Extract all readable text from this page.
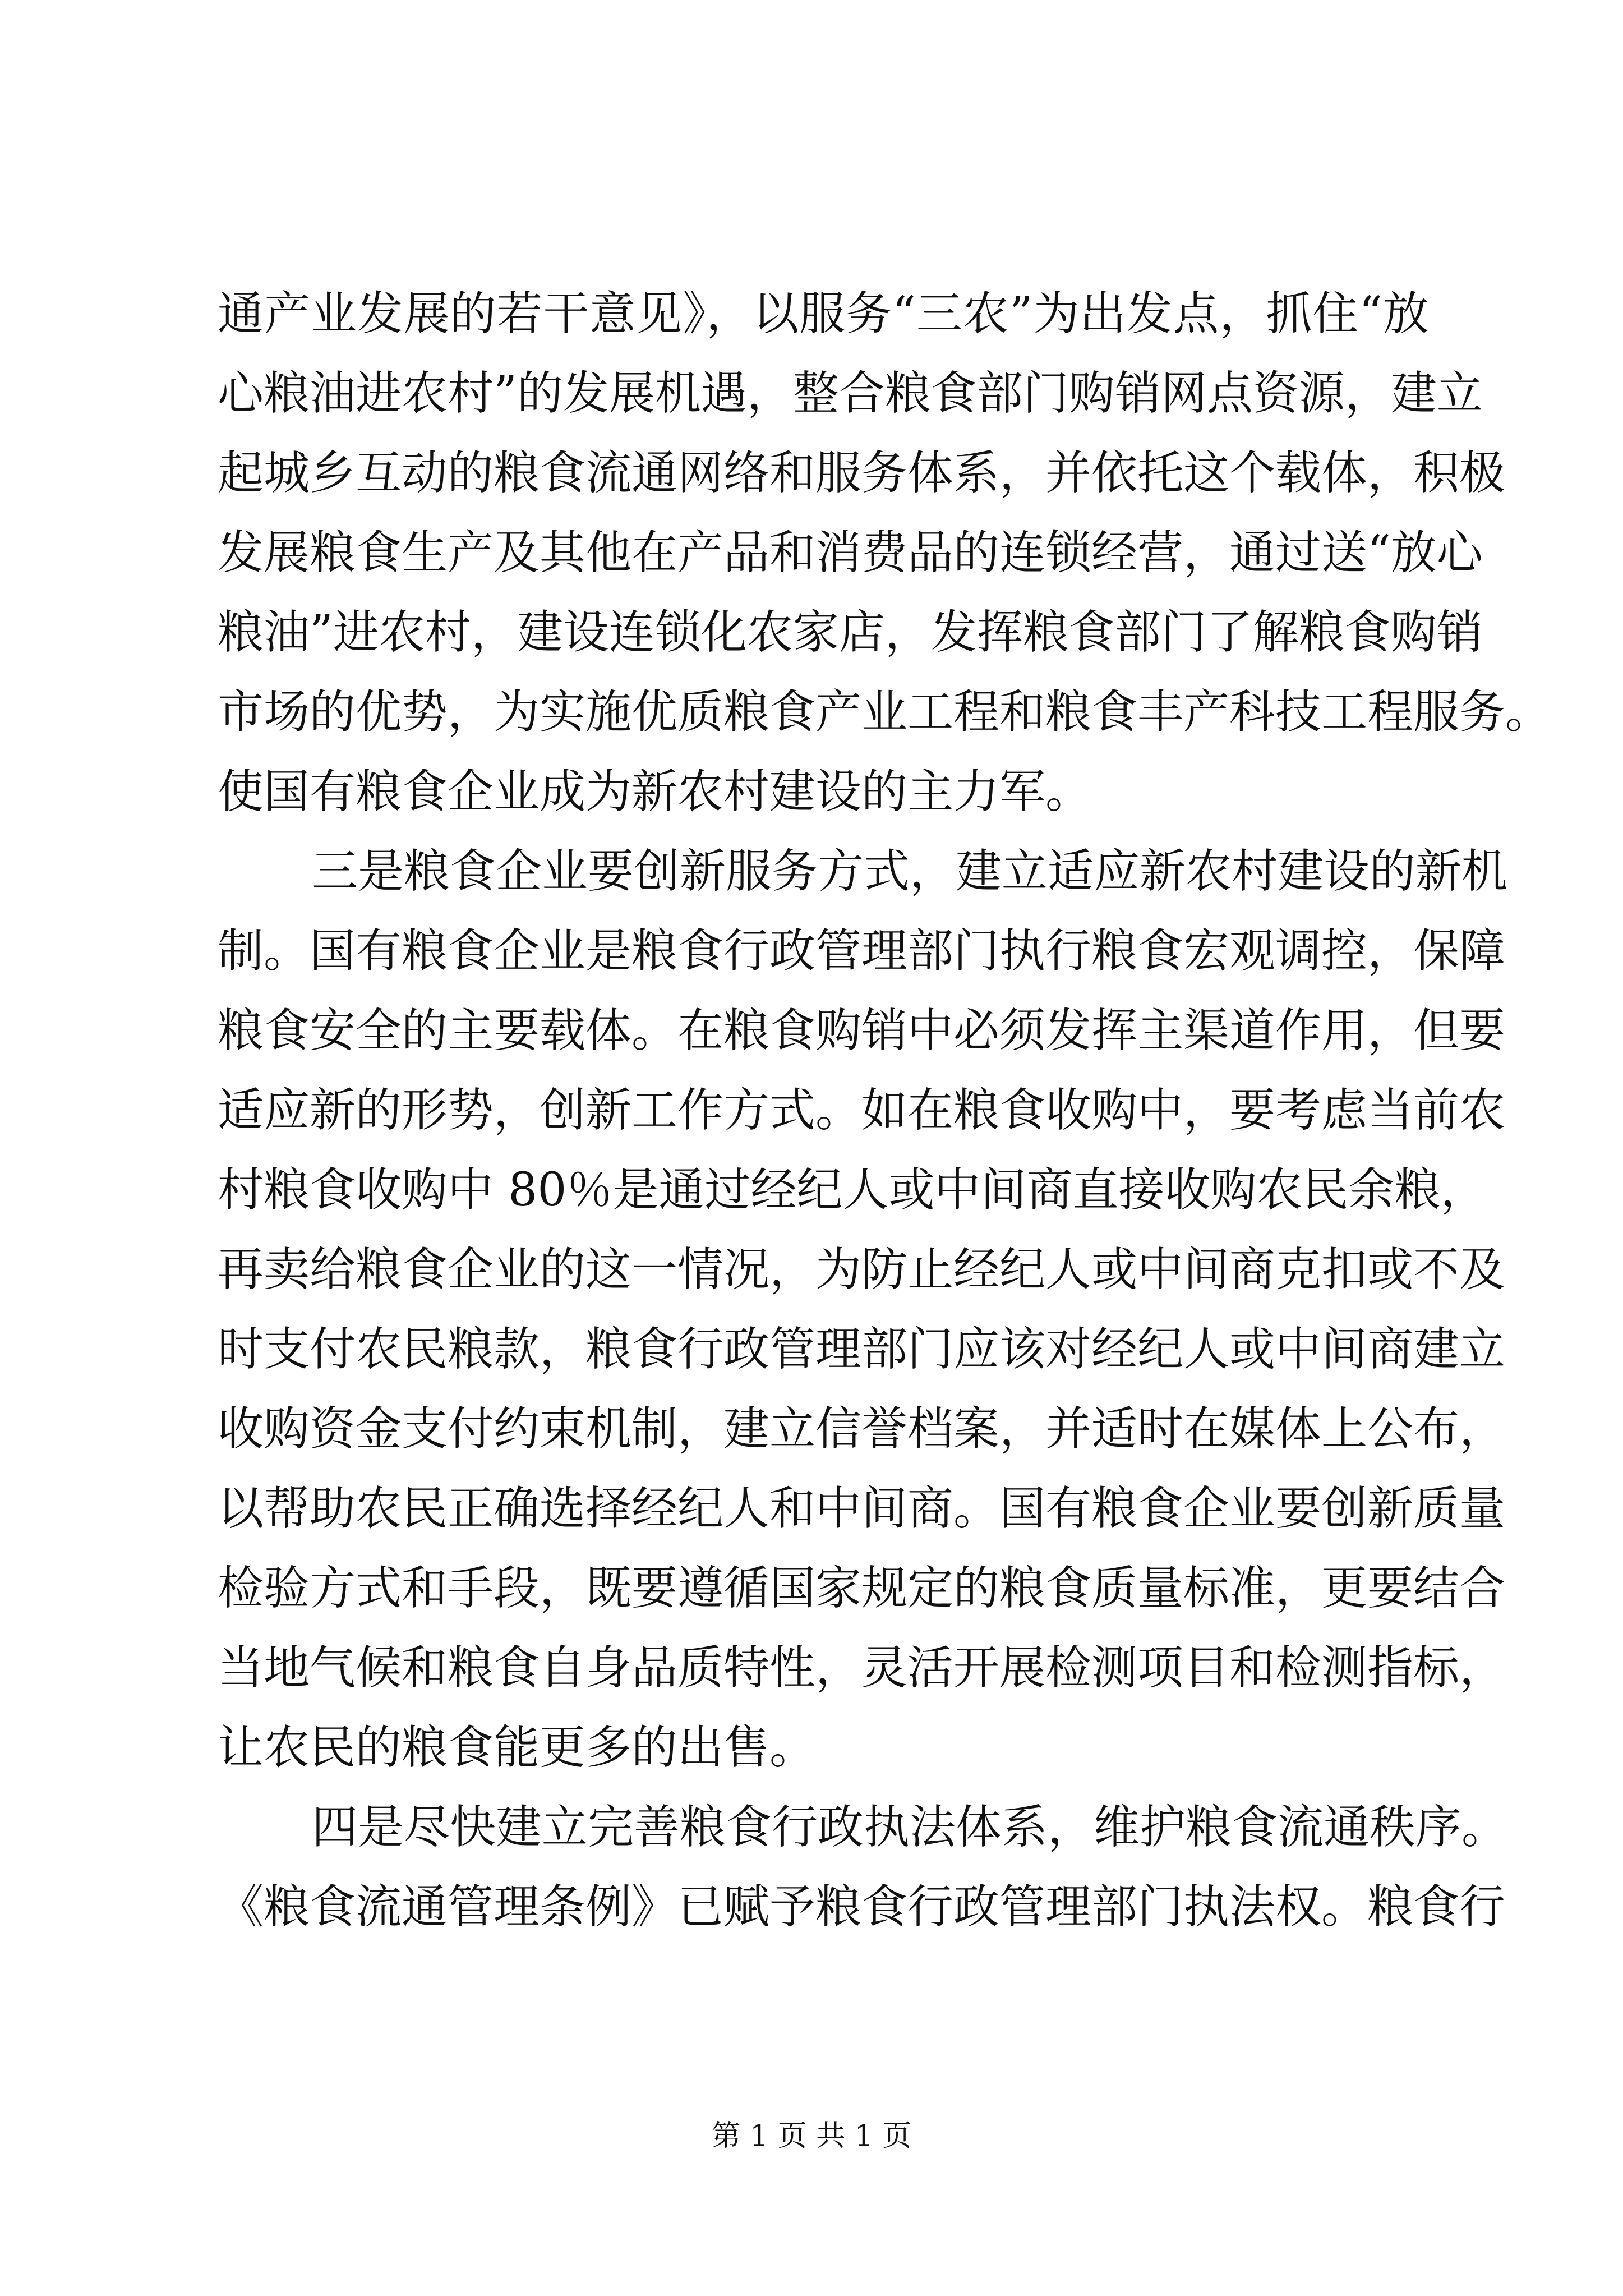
通产业发展的若干意见》，以服务“三农”为出发点，抓住“放
心粮油进农村”的发展机遇，整合粮食部门购销网点资源，建立
起城乡互动的粮食流通网络和服务体系，并依托这个载体，积极
发展粮食生产及其他在产品和消费品的连锁经营，通过送“放心
粮油”进农村，建设连锁化农家店，发挥粮食部门了解粮食购销
市场的优势，为实施优质粮食产业工程和粮食丰产科技工程服务。
使国有粮食企业成为新农村建设的主力军。
三是粮食企业要创新服务方式，建立适应新农村建设的新机
制。国有粮食企业是粮食行政管理部门执行粮食宏观调控，保障
粮食安全的主要载体。在粮食购销中必须发挥主渠道作用，但要
适应新的形势，创新工作方式。如在粮食收购中，要考虑当前农
村粮食收购中 80％是通过经纪人或中间商直接收购农民余粮，
再卖给粮食企业的这一情况，为防止经纪人或中间商克扣或不及
时支付农民粮款，粮食行政管理部门应该对经纪人或中间商建立
收购资金支付约束机制，建立信誉档案，并适时在媒体上公布，
以帮助农民正确选择经纪人和中间商。国有粮食企业要创新质量
检验方式和手段，既要遵循国家规定的粮食质量标准，更要结合
当地气候和粮食自身品质特性，灵活开展检测项目和检测指标，
让农民的粮食能更多的出售。
四是尽快建立完善粮食行政执法体系，维护粮食流通秩序。
《粮食流通管理条例》已赋予粮食行政管理部门执法权。粮食行
第 1 页 共 1 页
